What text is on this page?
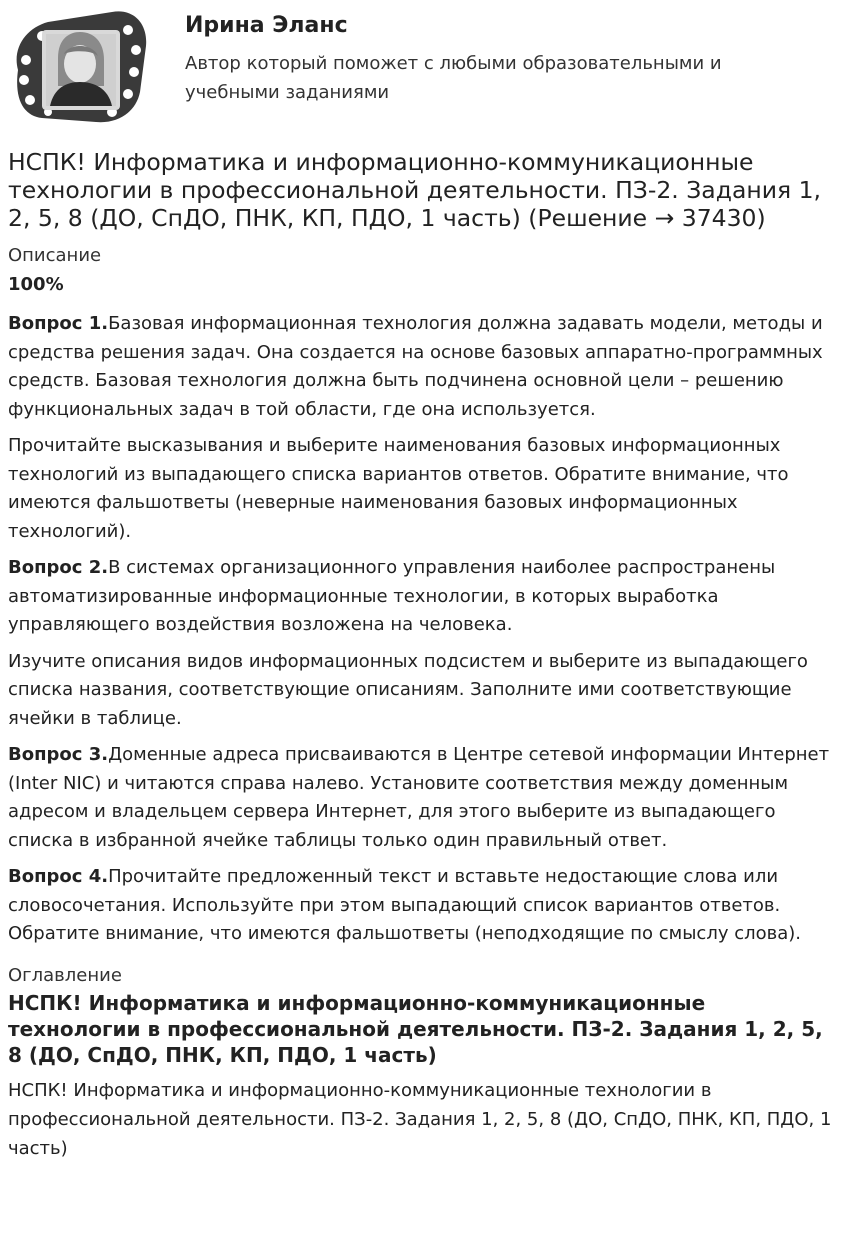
Ирина Эланс
Автор который поможет с любыми образовательными и учебными заданиями
НСПК! Информатика и информационно-коммуникационные технологии в профессиональной деятельности. ПЗ-2. Задания 1, 2, 5, 8 (ДО, СпДО, ПНК, КП, ПДО, 1 часть) (Решение → 37430)
Описание
100%

Вопрос 1.Базовая информационная технология должна задавать модели, методы и средства решения задач. Она создается на основе базовых аппаратно-программных средств. Базовая технология должна быть подчинена основной цели – решению функциональных задач в той области, где она используется.

Прочитайте высказывания и выберите наименования базовых информационных технологий из выпадающего списка вариантов ответов. Обратите внимание, что имеются фальшответы (неверные наименования базовых информационных технологий).

Вопрос 2.В системах организационного управления наиболее распространены автоматизированные информационные технологии, в которых выработка управляющего воздействия возложена на человека.

Изучите описания видов информационных подсистем и выберите из выпадающего списка названия, соответствующие описаниям. Заполните ими соответствующие ячейки в таблице.

Вопрос 3.Доменные адреса присваиваются в Центре сетевой информации Интернет (Inter NIC) и читаются справа налево. Установите соответствия между доменным адресом и владельцем сервера Интернет, для этого выберите из выпадающего списка в избранной ячейке таблицы только один правильный ответ.

Вопрос 4.Прочитайте предложенный текст и вставьте недостающие слова или словосочетания. Используйте при этом выпадающий список вариантов ответов. Обратите внимание, что имеются фальшответы (неподходящие по смыслу слова).

Оглавление
НСПК! Информатика и информационно-коммуникационные технологии в профессиональной деятельности. ПЗ-2. Задания 1, 2, 5, 8 (ДО, СпДО, ПНК, КП, ПДО, 1 часть)
НСПК! Информатика и информационно-коммуникационные технологии в профессиональной деятельности. ПЗ-2. Задания 1, 2, 5, 8 (ДО, СпДО, ПНК, КП, ПДО, 1 часть)
